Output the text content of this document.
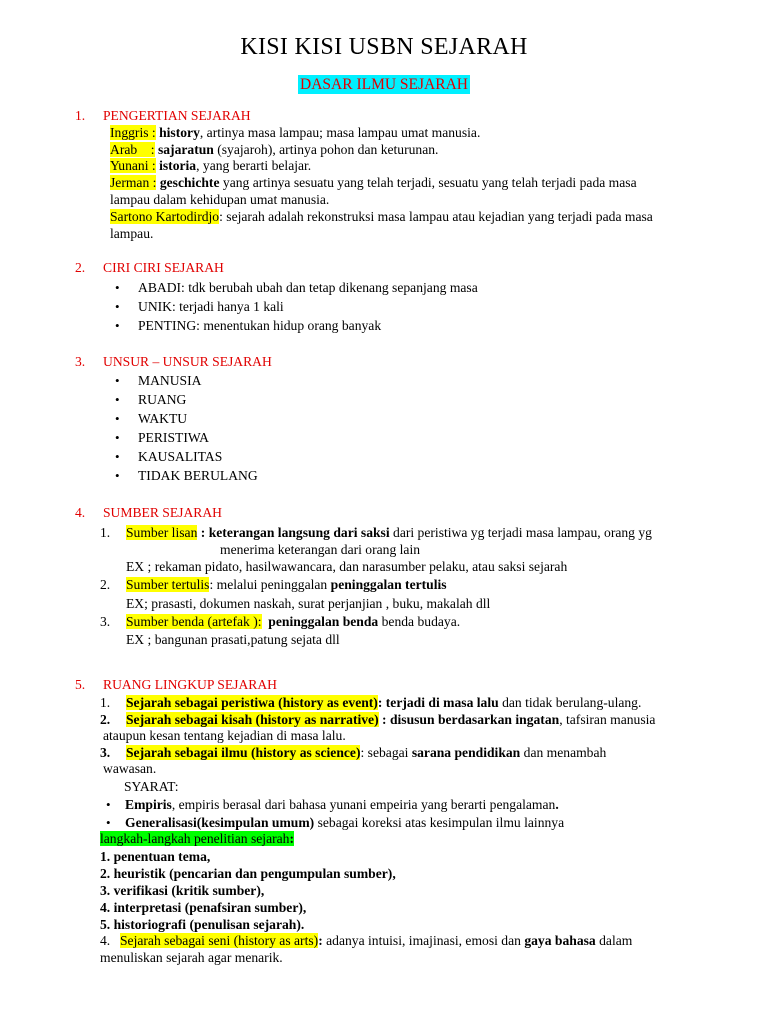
KISI KISI USBN SEJARAH
DASAR ILMU SEJARAH
1. PENGERTIAN SEJARAH
Inggris : history, artinya masa lampau; masa lampau umat manusia.
Arab    : sajaratun (syajaroh), artinya pohon dan keturunan.
Yunani : istoria, yang berarti belajar.
Jerman : geschichte yang artinya sesuatu yang telah terjadi, sesuatu yang telah terjadi pada masa
lampau dalam kehidupan umat manusia.
Sartono Kartodirdjo: sejarah adalah rekonstruksi masa lampau atau kejadian yang terjadi pada masa
lampau.
2. CIRI CIRI SEJARAH
• ABADI: tdk berubah ubah dan tetap dikenang sepanjang masa
• UNIK: terjadi hanya 1 kali
• PENTING: menentukan hidup orang banyak
3. UNSUR – UNSUR SEJARAH
• MANUSIA
• RUANG
• WAKTU
• PERISTIWA
• KAUSALITAS
• TIDAK BERULANG
4. SUMBER SEJARAH
1. Sumber lisan : keterangan langsung dari saksi dari peristiwa yg terjadi masa lampau, orang yg
menerima keterangan dari orang lain
EX ; rekaman pidato, hasilwawancara, dan narasumber pelaku, atau saksi sejarah
2. Sumber tertulis: melalui peninggalan peninggalan tertulis
EX; prasasti, dokumen naskah, surat perjanjian , buku, makalah dll
3. Sumber benda (artefak ):  peninggalan benda benda budaya.
EX ; bangunan prasati,patung sejata dll
5. RUANG LINGKUP SEJARAH
1. Sejarah sebagai peristiwa (history as event): terjadi di masa lalu dan tidak berulang-ulang.
2. Sejarah sebagai kisah (history as narrative) : disusun berdasarkan ingatan, tafsiran manusia
ataupun kesan tentang kejadian di masa lalu.
3. Sejarah sebagai ilmu (history as science): sebagai sarana pendidikan dan menambah
wawasan.
SYARAT:
• Empiris, empiris berasal dari bahasa yunani empeiria yang berarti pengalaman.
• Generalisasi(kesimpulan umum) sebagai koreksi atas kesimpulan ilmu lainnya
langkah-langkah penelitian sejarah:
1. penentuan tema,
2. heuristik (pencarian dan pengumpulan sumber),
3. verifikasi (kritik sumber),
4. interpretasi (penafsiran sumber),
5. historiografi (penulisan sejarah).
4. Sejarah sebagai seni (history as arts): adanya intuisi, imajinasi, emosi dan gaya bahasa dalam
menuliskan sejarah agar menarik.
